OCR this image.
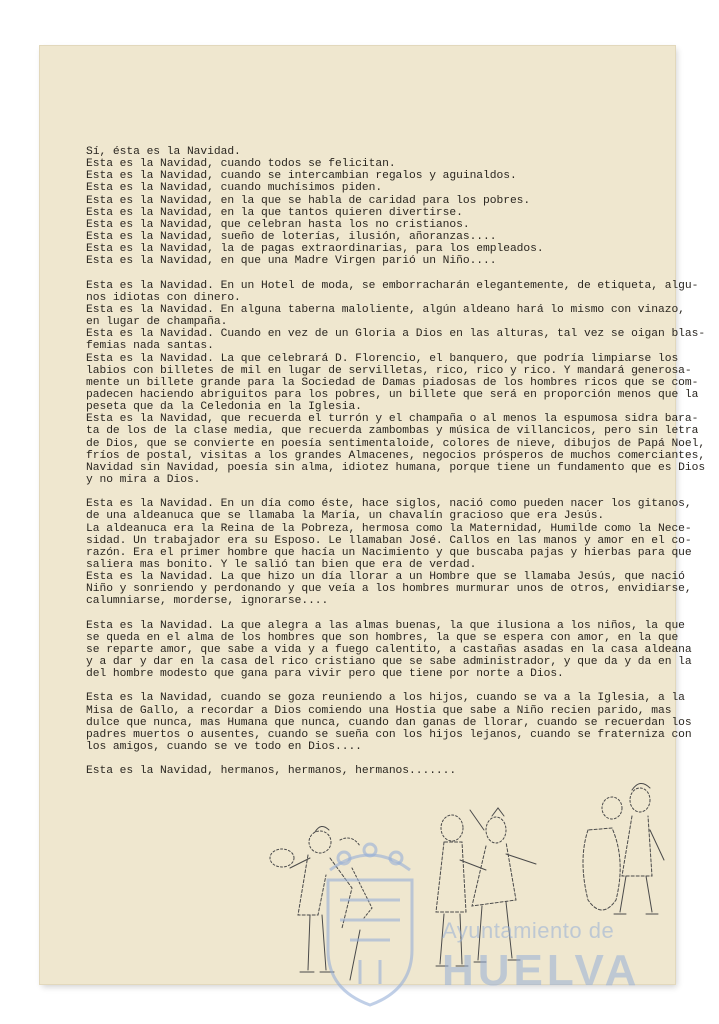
Sí, ésta es la Navidad.
Esta es la Navidad, cuando todos se felicitan.
Esta es la Navidad, cuando se intercambian regalos y aguinaldos.
Esta es la Navidad, cuando muchísimos piden.
Esta es la Navidad, en la que se habla de caridad para los pobres.
Esta es la Navidad, en la que tantos quieren divertirse.
Esta es la Navidad, que celebran hasta los no cristianos.
Esta es la Navidad, sueño de loterías, ilusión, añoranzas....
Esta es la Navidad, la de pagas extraordinarias, para los empleados.
Esta es la Navidad, en que una Madre Virgen parió un Niño....
Esta es la Navidad. En un Hotel de moda, se emborracharán elegantemente, de etiqueta, algu-
nos idiotas con dinero.
Esta es la Navidad. En alguna taberna maloliente, algún aldeano hará lo mismo con vinazo,
en lugar de champaña.
Esta es la Navidad. Cuando en vez de un Gloria a Dios en las alturas, tal vez se oigan blas-
femias nada santas.
Esta es la Navidad. La que celebrará D. Florencio, el banquero, que podría limpiarse los
labios con billetes de mil en lugar de servilletas, rico, rico y rico. Y mandará generosa-
mente un billete grande para la Sociedad de Damas piadosas de los hombres ricos que se com-
padecen haciendo abriguitos para los pobres, un billete que será en proporción menos que la
peseta que da la Celedonia en la Iglesia.
Esta es la Navidad, que recuerda el turrón y el champaña o al menos la espumosa sidra bara-
ta de los de la clase media, que recuerda zambombas y música de villancicos, pero sin letra
de Dios, que se convierte en poesía sentimentaloide, colores de nieve, dibujos de Papá Noel,
fríos de postal, visitas a los grandes Almacenes, negocios prósperos de muchos comerciantes,
Navidad sin Navidad, poesía sin alma, idiotez humana, porque tiene un fundamento que es Dios
y no mira a Dios.
Esta es la Navidad. En un día como éste, hace siglos, nació como pueden nacer los gitanos,
de una aldeanuca que se llamaba la María, un chavalín gracioso que era Jesús.
La aldeanuca era la Reina de la Pobreza, hermosa como la Maternidad, Humilde como la Nece-
sidad. Un trabajador era su Esposo. Le llamaban José. Callos en las manos y amor en el co-
razón. Era el primer hombre que hacía un Nacimiento y que buscaba pajas y hierbas para que
saliera mas bonito. Y le salió tan bien que era de verdad.
Esta es la Navidad. La que hizo un día llorar a un Hombre que se llamaba Jesús, que nació
Niño y sonriendo y perdonando y que veía a los hombres murmurar unos de otros, envidiarse,
calumniarse, morderse, ignorarse....
Esta es la Navidad. La que alegra a las almas buenas, la que ilusiona a los niños, la que
se queda en el alma de los hombres que son hombres, la que se espera con amor, en la que
se reparte amor, que sabe a vida y a fuego calentito, a castañas asadas en la casa aldeana
y a dar y dar en la casa del rico cristiano que se sabe administrador, y que da y da en la
del hombre modesto que gana para vivir pero que tiene por norte a Dios.
Esta es la Navidad, cuando se goza reuniendo a los hijos, cuando se va a la Iglesia, a la
Misa de Gallo, a recordar a Dios comiendo una Hostia que sabe a Niño recien parido, mas
dulce que nunca, mas Humana que nunca, cuando dan ganas de llorar, cuando se recuerdan los
padres muertos o ausentes, cuando se sueña con los hijos lejanos, cuando se fraterniza con
los amigos, cuando se ve todo en Dios....
Esta es la Navidad, hermanos, hermanos, hermanos.......
Ayuntamiento de
HUELVA
